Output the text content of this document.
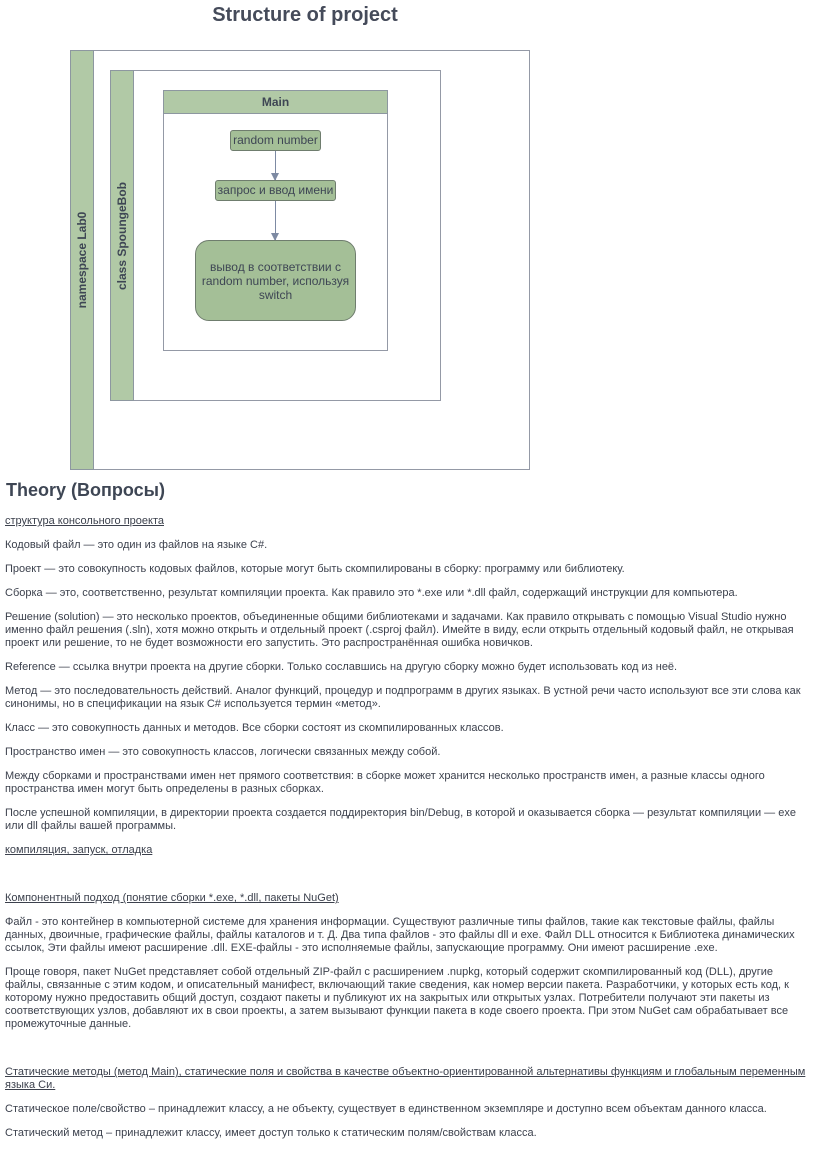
Structure of project
namespace Lab0 class SpoungeBob
Main
random number
запрос и ввод имени
вывод в соответствии с random number, используя switch
Theory (Вопросы)

структура консольного проекта

Кодовый файл — это один из файлов на языке C#.

Проект — это совокупность кодовых файлов, которые могут быть скомпилированы в сборку: программу или библиотеку.

Сборка — это, соответственно, результат компиляции проекта. Как правило это *.exe или *.dll файл, содержащий инструкции для компьютера.

Решение (solution) — это несколько проектов, объединенные общими библиотеками и задачами. Как правило открывать с помощью Visual Studio нужно именно файл решения (.sln), хотя можно открыть и отдельный проект (.csproj файл). Имейте в виду, если открыть отдельный кодовый файл, не открывая проект или решение, то не будет возможности его запустить. Это распространённая ошибка новичков.

Reference — ссылка внутри проекта на другие сборки. Только сославшись на другую сборку можно будет использовать код из неё.

Метод — это последовательность действий. Аналог функций, процедур и подпрограмм в других языках. В устной речи часто используют все эти слова как синонимы, но в спецификации на язык C# используется термин «метод».

Класс — это совокупность данных и методов. Все сборки состоят из скомпилированных классов.

Пространство имен — это совокупность классов, логически связанных между собой.

Между сборками и пространствами имен нет прямого соответствия: в сборке может хранится несколько пространств имен, а разные классы одного пространства имен могут быть определены в разных сборках.

После успешной компиляции, в директории проекта создается поддиректория bin/Debug, в которой и оказывается сборка — результат компиляции — exe или dll файлы вашей программы.

компиляция, запуск, отладка

Компонентный подход (понятие сборки *.exe, *.dll, пакеты NuGet)

Файл - это контейнер в компьютерной системе для хранения информации. Существуют различные типы файлов, такие как текстовые файлы, файлы данных, двоичные, графические файлы, файлы каталогов и т. Д. Два типа файлов - это файлы dll и exe. Файл DLL относится к Библиотека динамических ссылок, Эти файлы имеют расширение .dll. EXE-файлы - это исполняемые файлы, запускающие программу. Они имеют расширение .exe.

Проще говоря, пакет NuGet представляет собой отдельный ZIP-файл с расширением .nupkg, который содержит скомпилированный код (DLL), другие файлы, связанные с этим кодом, и описательный манифест, включающий такие сведения, как номер версии пакета. Разработчики, у которых есть код, к которому нужно предоставить общий доступ, создают пакеты и публикуют их на закрытых или открытых узлах. Потребители получают эти пакеты из соответствующих узлов, добавляют их в свои проекты, а затем вызывают функции пакета в коде своего проекта. При этом NuGet сам обрабатывает все промежуточные данные.

Статические методы (метод Main), статические поля и свойства в качестве объектно-ориентированной альтернативы функциям и глобальным переменным языка Си.

Статическое поле/свойство – принадлежит классу, а не объекту, существует в единственном экземпляре и доступно всем объектам данного класса.

Статический метод – принадлежит классу, имеет доступ только к статическим полям/свойствам класса.
